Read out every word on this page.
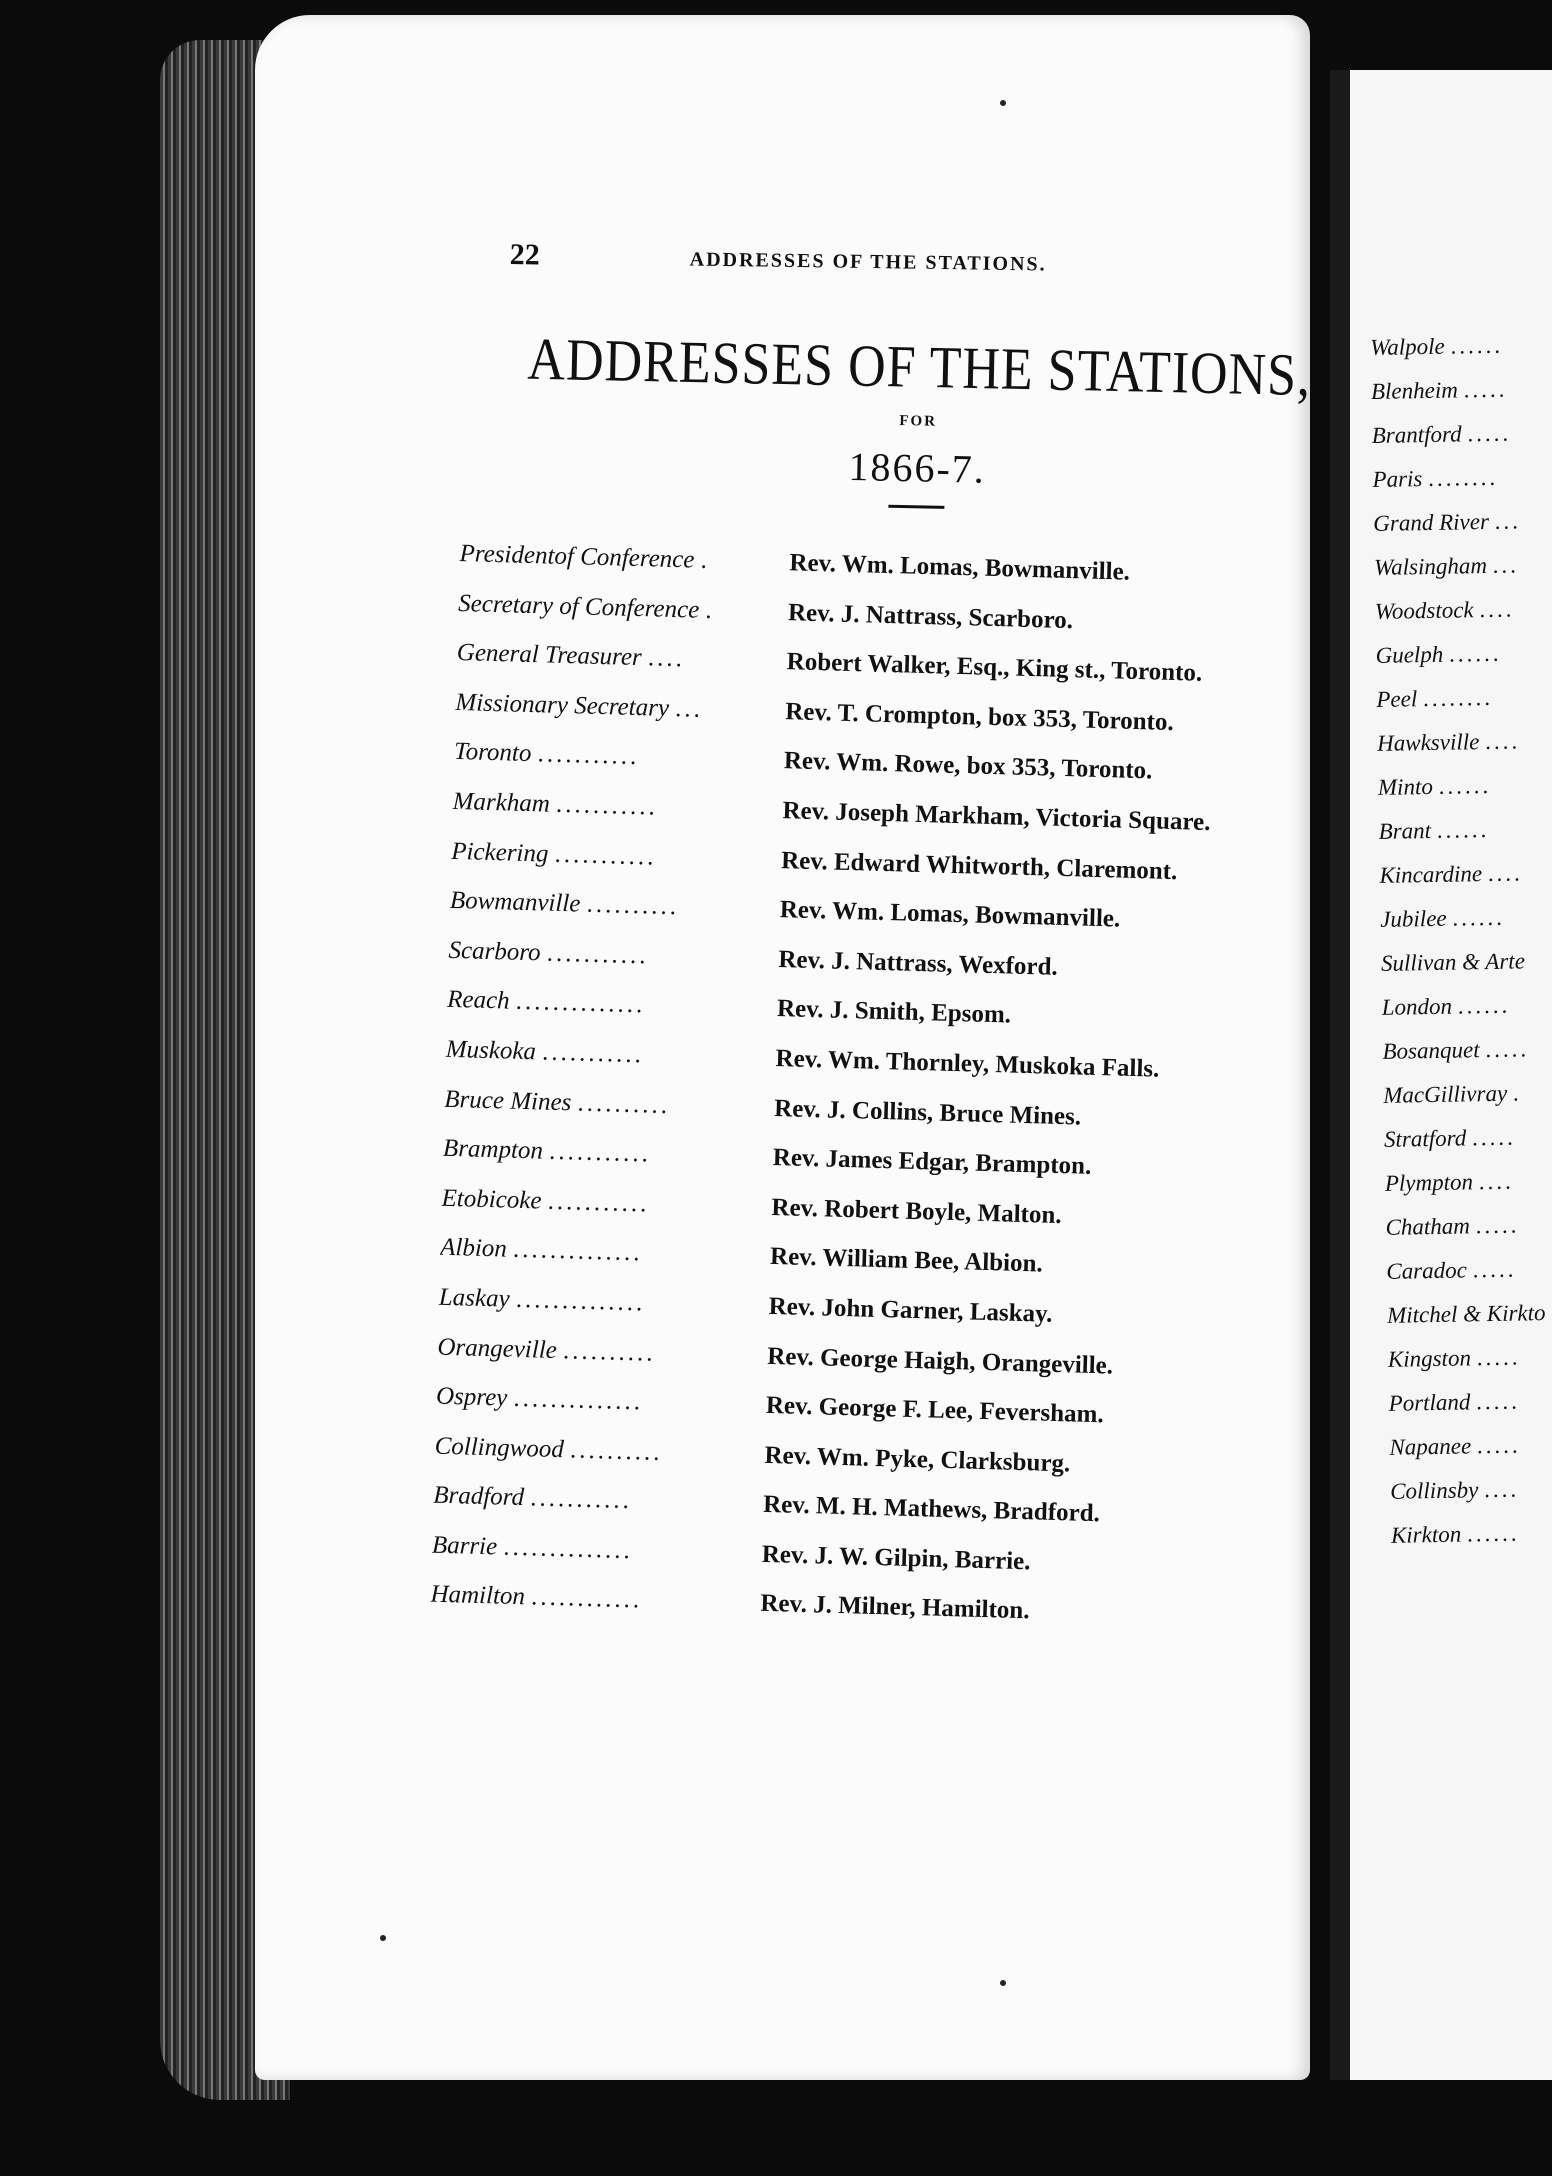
22	ADDRESSES OF THE STATIONS.
ADDRESSES OF THE STATIONS,
FOR
1866-7.
Presidentof Conference .	Rev. Wm. Lomas, Bowmanville.
Secretary of Conference .	Rev. J. Nattrass, Scarboro.
General Treasurer ....	Robert Walker, Esq., King st., Toronto.
Missionary Secretary ...	Rev. T. Crompton, box 353, Toronto.
Toronto ...........	Rev. Wm. Rowe, box 353, Toronto.
Markham ...........	Rev. Joseph Markham, Victoria Square.
Pickering ...........	Rev. Edward Whitworth, Claremont.
Bowmanville ..........	Rev. Wm. Lomas, Bowmanville.
Scarboro ...........	Rev. J. Nattrass, Wexford.
Reach ..............	Rev. J. Smith, Epsom.
Muskoka ...........	Rev. Wm. Thornley, Muskoka Falls.
Bruce Mines ..........	Rev. J. Collins, Bruce Mines.
Brampton ...........	Rev. James Edgar, Brampton.
Etobicoke ...........	Rev. Robert Boyle, Malton.
Albion ..............	Rev. William Bee, Albion.
Laskay ..............	Rev. John Garner, Laskay.
Orangeville ..........	Rev. George Haigh, Orangeville.
Osprey ..............	Rev. George F. Lee, Feversham.
Collingwood ..........	Rev. Wm. Pyke, Clarksburg.
Bradford ...........	Rev. M. H. Mathews, Bradford.
Barrie ..............	Rev. J. W. Gilpin, Barrie.
Hamilton ............	Rev. J. Milner, Hamilton.
Walpole ......
Blenheim .....
Brantford .....
Paris ........
Grand River ...
Walsingham ...
Woodstock ....
Guelph ......
Peel ........
Hawksville ....
Minto ......
Brant ......
Kincardine ....
Jubilee ......
Sullivan & Arte
London ......
Bosanquet .....
MacGillivray .
Stratford .....
Plympton ....
Chatham .....
Caradoc .....
Mitchel & Kirkto
Kingston .....
Portland .....
Napanee .....
Collinsby ....
Kirkton ......
